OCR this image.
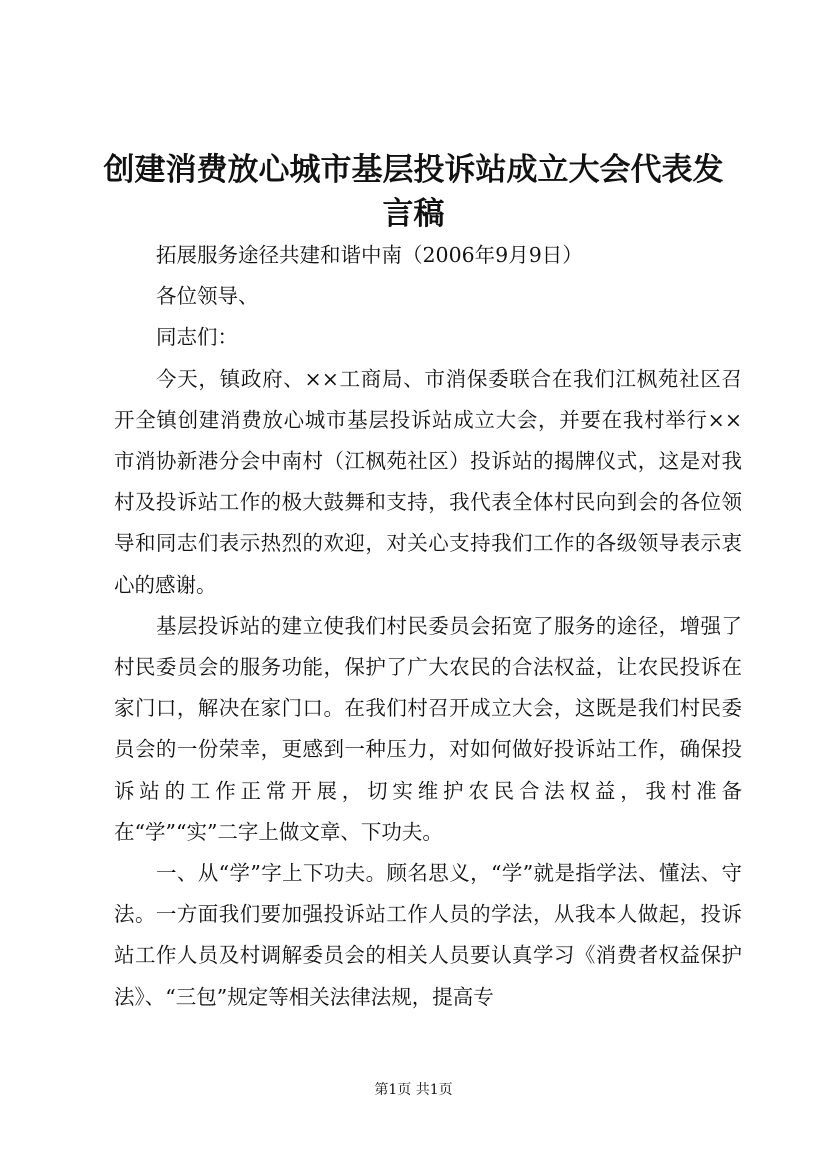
创建消费放心城市基层投诉站成立大会代表发言稿

拓展服务途径共建和谐中南（2006年9月9日）

各位领导、

同志们：

今天，镇政府、××工商局、市消保委联合在我们江枫苑社区召开全镇创建消费放心城市基层投诉站成立大会，并要在我村举行××市消协新港分会中南村（江枫苑社区）投诉站的揭牌仪式，这是对我村及投诉站工作的极大鼓舞和支持，我代表全体村民向到会的各位领导和同志们表示热烈的欢迎，对关心支持我们工作的各级领导表示衷心的感谢。

基层投诉站的建立使我们村民委员会拓宽了服务的途径，增强了村民委员会的服务功能，保护了广大农民的合法权益，让农民投诉在家门口，解决在家门口。在我们村召开成立大会，这既是我们村民委员会的一份荣幸，更感到一种压力，对如何做好投诉站工作，确保投诉站的工作正常开展，切实维护农民合法权益，我村准备在“学”“实”二字上做文章、下功夫。

一、从“学”字上下功夫。顾名思义，“学”就是指学法、懂法、守法。一方面我们要加强投诉站工作人员的学法，从我本人做起，投诉站工作人员及村调解委员会的相关人员要认真学习《消费者权益保护法》、“三包”规定等相关法律法规，提高专

第1页 共1页
